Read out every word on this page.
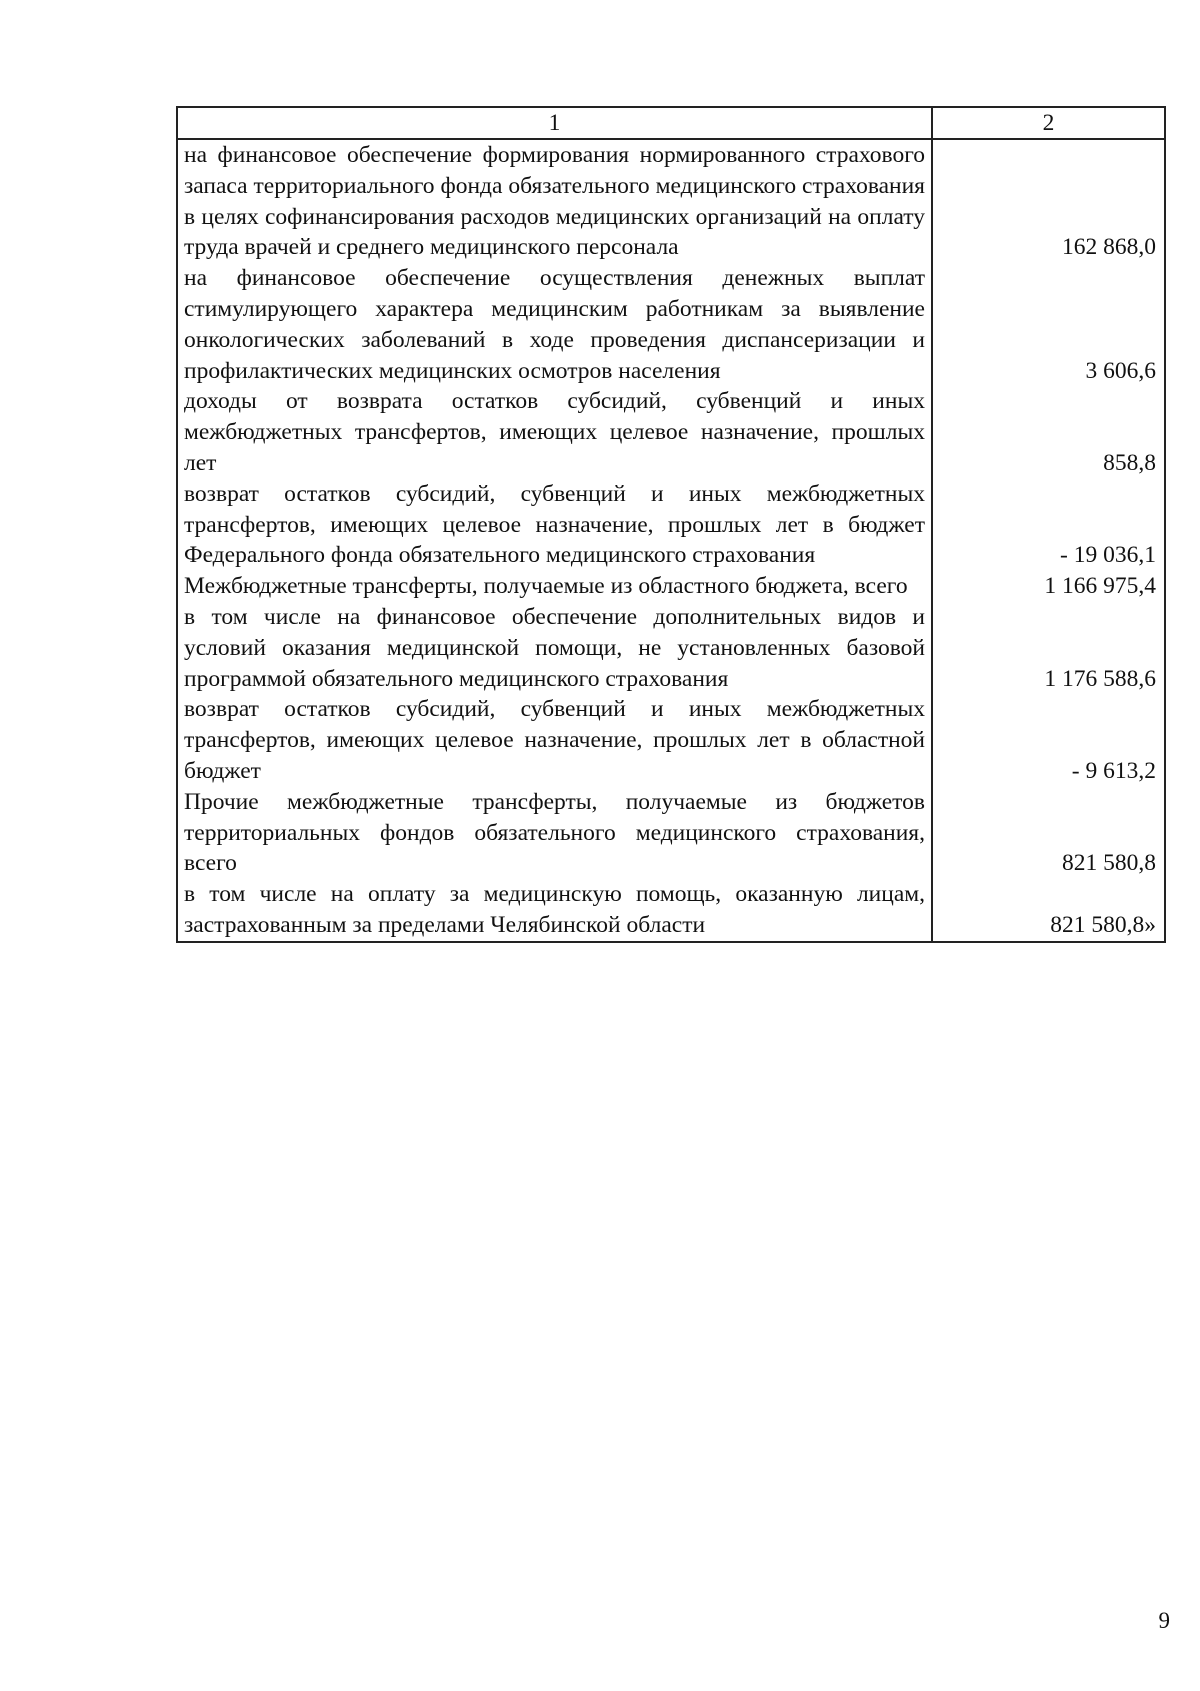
1	2
на финансовое обеспечение формирования нормированного страхового запаса территориального фонда обязательного медицинского страхования в целях софинансирования расходов медицинских организаций на оплату труда врачей и среднего медицинского персонала	162 868,0
на финансовое обеспечение осуществления денежных выплат стимулирующего характера медицинским работникам за выявление онкологических заболеваний в ходе проведения диспансеризации и профилактических медицинских осмотров населения	3 606,6
доходы от возврата остатков субсидий, субвенций и иных межбюджетных трансфертов, имеющих целевое назначение, прошлых лет	858,8
возврат остатков субсидий, субвенций и иных межбюджетных трансфертов, имеющих целевое назначение, прошлых лет в бюджет Федерального фонда обязательного медицинского страхования	- 19 036,1
Межбюджетные трансферты, получаемые из областного бюджета, всего	1 166 975,4
в том числе на финансовое обеспечение дополнительных видов и условий оказания медицинской помощи, не установленных базовой программой обязательного медицинского страхования	1 176 588,6
возврат остатков субсидий, субвенций и иных межбюджетных трансфертов, имеющих целевое назначение, прошлых лет в областной бюджет	- 9 613,2
Прочие межбюджетные трансферты, получаемые из бюджетов территориальных фондов обязательного медицинского страхования, всего	821 580,8
в том числе на оплату за медицинскую помощь, оказанную лицам, застрахованным за пределами Челябинской области	821 580,8»
9
